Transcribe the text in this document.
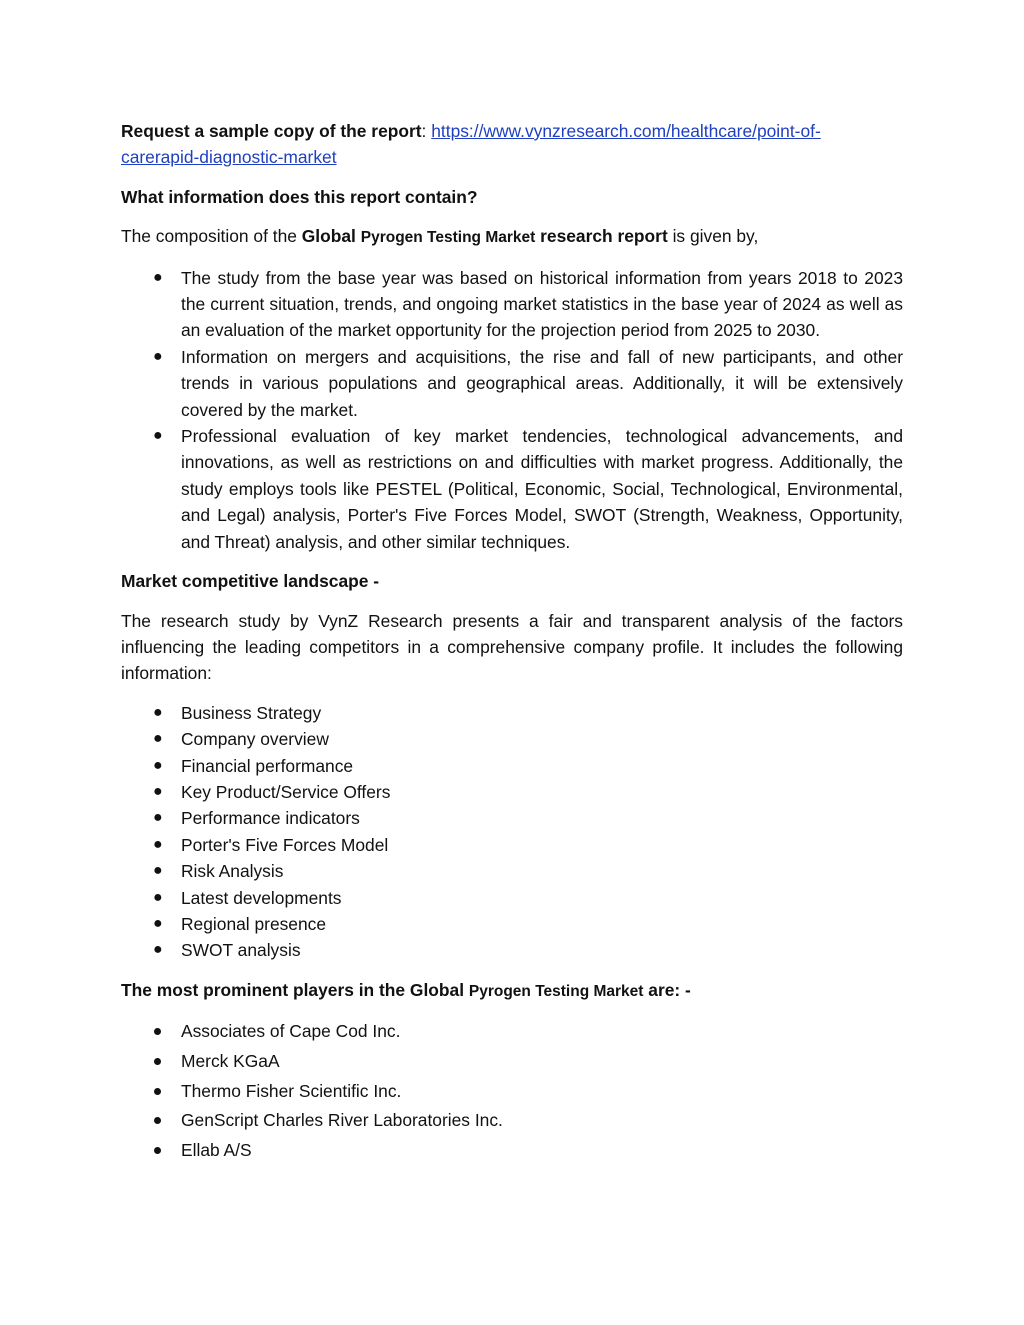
Request a sample copy of the report: https://www.vynzresearch.com/healthcare/point-of-
carerapid-diagnostic-market

What information does this report contain?

The composition of the Global Pyrogen Testing Market research report is given by,

● The study from the base year was based on historical information from years 2018 to 2023 the current situation, trends, and ongoing market statistics in the base year of 2024 as well as an evaluation of the market opportunity for the projection period from 2025 to 2030.
● Information on mergers and acquisitions, the rise and fall of new participants, and other trends in various populations and geographical areas. Additionally, it will be extensively covered by the market.
● Professional evaluation of key market tendencies, technological advancements, and innovations, as well as restrictions on and difficulties with market progress. Additionally, the study employs tools like PESTEL (Political, Economic, Social, Technological, Environmental, and Legal) analysis, Porter's Five Forces Model, SWOT (Strength, Weakness, Opportunity, and Threat) analysis, and other similar techniques.

Market competitive landscape -

The research study by VynZ Research presents a fair and transparent analysis of the factors influencing the leading competitors in a comprehensive company profile. It includes the following information:

● Business Strategy
● Company overview
● Financial performance
● Key Product/Service Offers
● Performance indicators
● Porter's Five Forces Model
● Risk Analysis
● Latest developments
● Regional presence
● SWOT analysis

The most prominent players in the Global Pyrogen Testing Market are: -

Associates of Cape Cod Inc.
Merck KGaA
Thermo Fisher Scientific Inc.
GenScript Charles River Laboratories Inc.
Ellab A/S
